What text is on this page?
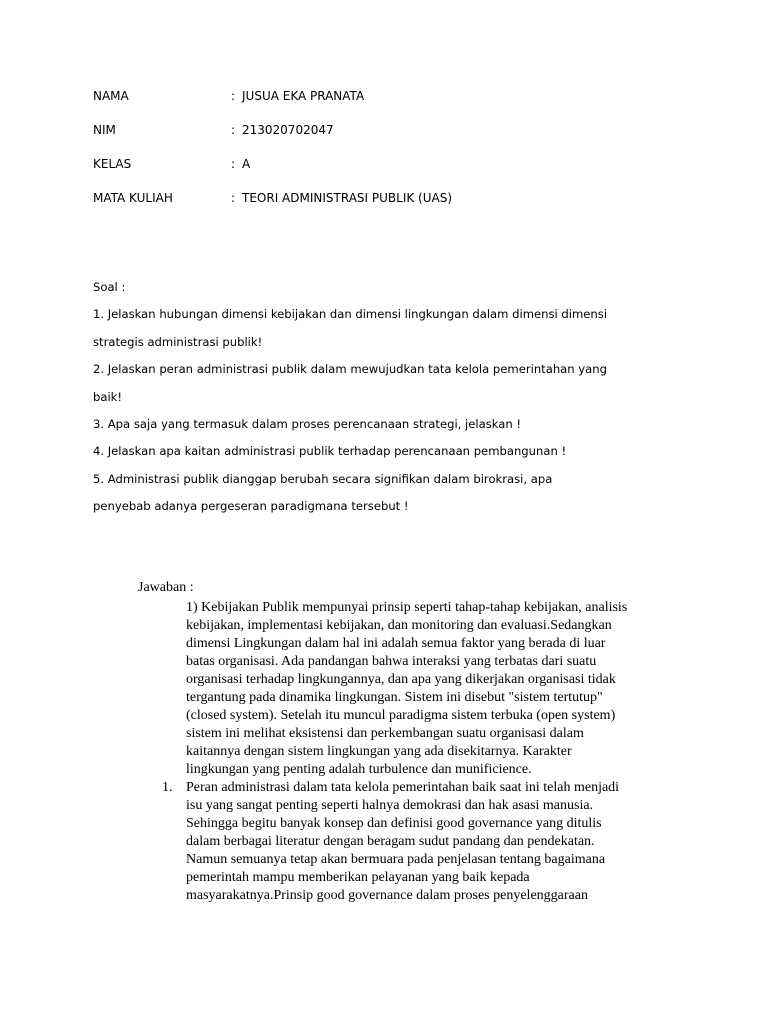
NAMA	: JUSUA EKA PRANATA
NIM	: 213020702047
KELAS	: A
MATA KULIAH	: TEORI ADMINISTRASI PUBLIK (UAS)
Soal :
1. Jelaskan hubungan dimensi kebijakan dan dimensi lingkungan dalam dimensi dimensi
strategis administrasi publik!
2. Jelaskan peran administrasi publik dalam mewujudkan tata kelola pemerintahan yang
baik!
3. Apa saja yang termasuk dalam proses perencanaan strategi, jelaskan !
4. Jelaskan apa kaitan administrasi publik terhadap perencanaan pembangunan !
5. Administrasi publik dianggap berubah secara signifikan dalam birokrasi, apa
penyebab adanya pergeseran paradigmana tersebut !
Jawaban :
1) Kebijakan Publik mempunyai prinsip seperti tahap-tahap kebijakan, analisis
kebijakan, implementasi kebijakan, dan monitoring dan evaluasi.Sedangkan
dimensi Lingkungan dalam hal ini adalah semua faktor yang berada di luar
batas organisasi. Ada pandangan bahwa interaksi yang terbatas dari suatu
organisasi terhadap lingkungannya, dan apa yang dikerjakan organisasi tidak
tergantung pada dinamika lingkungan. Sistem ini disebut "sistem tertutup"
(closed system). Setelah itu muncul paradigma sistem terbuka (open system)
sistem ini melihat eksistensi dan perkembangan suatu organisasi dalam
kaitannya dengan sistem lingkungan yang ada disekitarnya. Karakter
lingkungan yang penting adalah turbulence dan munificience.
1. Peran administrasi dalam tata kelola pemerintahan baik saat ini telah menjadi
isu yang sangat penting seperti halnya demokrasi dan hak asasi manusia.
Sehingga begitu banyak konsep dan definisi good governance yang ditulis
dalam berbagai literatur dengan beragam sudut pandang dan pendekatan.
Namun semuanya tetap akan bermuara pada penjelasan tentang bagaimana
pemerintah mampu memberikan pelayanan yang baik kepada
masyarakatnya.Prinsip good governance dalam proses penyelenggaraan
